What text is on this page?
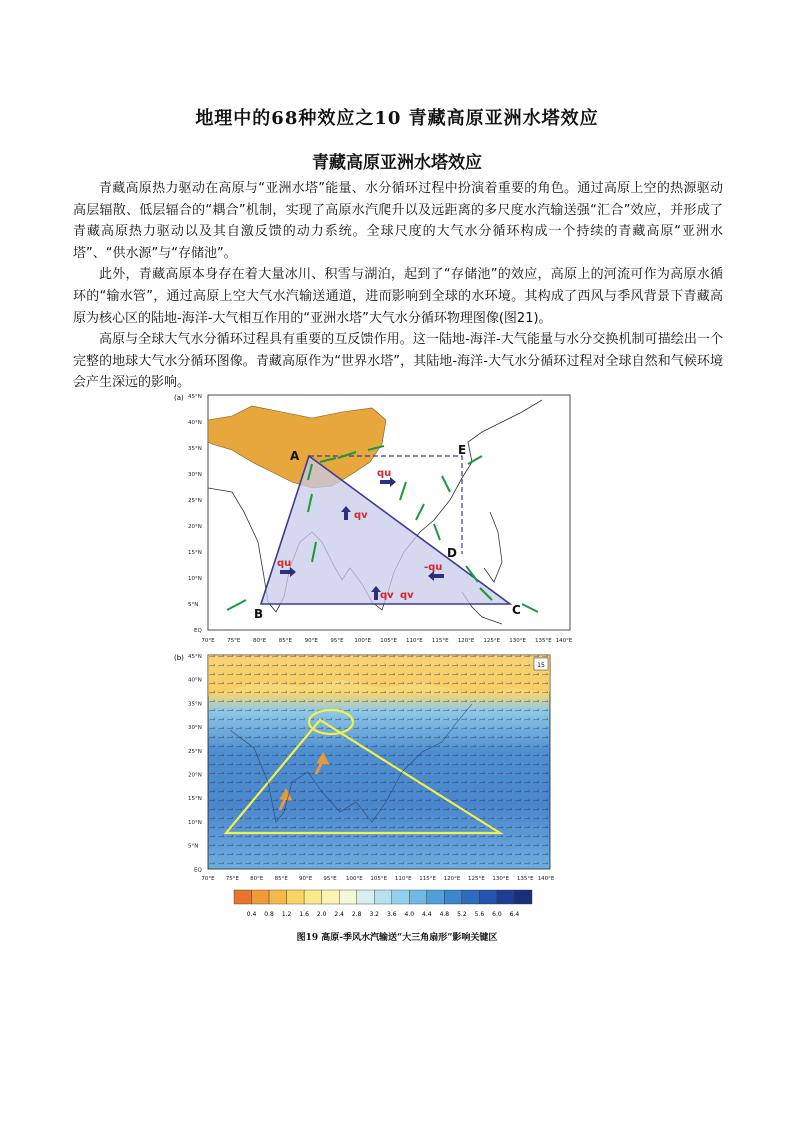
地理中的68种效应之10 青藏高原亚洲水塔效应
青藏高原亚洲水塔效应

青藏高原热力驱动在高原与“亚洲水塔”能量、水分循环过程中扮演着重要的角色。通过高原上空的热源驱动高层辐散、低层辐合的“耦合”机制，实现了高原水汽爬升以及远距离的多尺度水汽输送强“汇合”效应，并形成了青藏高原热力驱动以及其自激反馈的动力系统。全球尺度的大气水分循环构成一个持续的青藏高原“亚洲水塔”、“供水源”与“存储池”。

此外，青藏高原本身存在着大量冰川、积雪与湖泊，起到了“存储池”的效应，高原上的河流可作为高原水循环的“输水管”，通过高原上空大气水汽输送通道，进而影响到全球的水环境。其构成了西风与季风背景下青藏高原为核心区的陆地-海洋-大气相互作用的“亚洲水塔”大气水分循环物理图像(图21)。

高原与全球大气水分循环过程具有重要的互反馈作用。这一陆地-海洋-大气能量与水分交换机制可描绘出一个完整的地球大气水分循环图像。青藏高原作为“世界水塔”，其陆地-海洋-大气水分循环过程对全球自然和气候环境会产生深远的影响。

(a)
A
B	C
D
E
qu
qv
qu
qv
-qu
qv
45°N
40°N
35°N
30°N
25°N
20°N
15°N
10°N
5°N
EQ
70°E 75°E 80°E 85°E 90°E 95°E 100°E 105°E 110°E 115°E 120°E 125°E 130°E 135°E 140°E
(b)
15
45°N
40°N
35°N
30°N
25°N
20°N
15°N
10°N
5°N
EQ
70°E 75°E 80°E 85°E 90°E 95°E 100°E 105°E 110°E 115°E 120°E 125°E 130°E 135°E 140°E
0.4 0.8 1.2 1.6 2.0 2.4 2.8 3.2 3.6 4.0 4.4 4.8 5.2 5.6 6.0 6.4
图19 高原-季风水汽输送“大三角扇形”影响关键区
